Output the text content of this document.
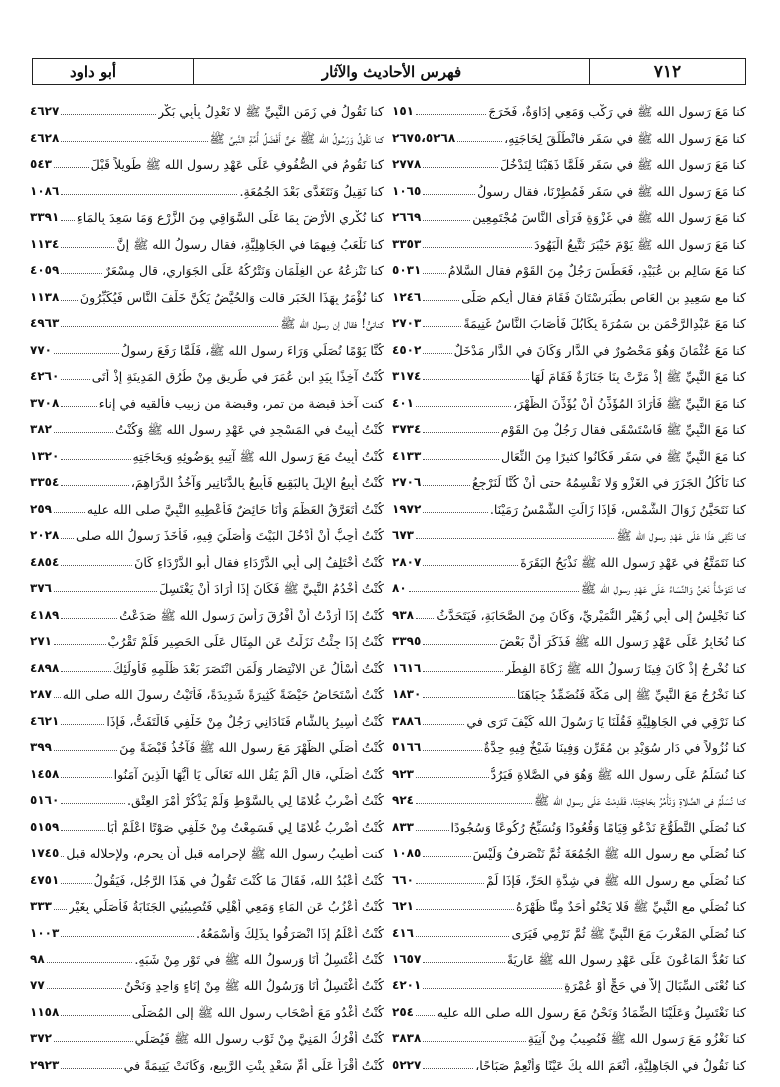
٧١٢
فهرس الأحاديث والآثار
أبو داود
كنا مَعَ رَسولِ الله ﷺ في رَكْبٍ وَمَعِي إِدَاوَةٌ، فَخَرَجَ
١٥١
كنا مَعَ رَسولِ الله ﷺ في سَفَرٍ فانْطَلَقَ لِحَاجَتِهِ،
٢٦٧٥،٥٢٦٨
كنا مَعَ رَسولِ الله ﷺ في سَفَرٍ فَلَمَّا ذَهَبْنَا لِنَدْخُلَ
٢٧٧٨
كنا مَعَ رَسولِ الله ﷺ في سَفَرٍ فَمُطِرْنَا، فقال رسولُ
١٠٦٥
كنا مَعَ رَسولِ الله ﷺ في غَزْوَةٍ فَرَأَى النَّاسَ مُجْتَمِعِين
٢٦٦٩
كنا مَعَ رَسولِ الله ﷺ يَوْمَ خَيْبَرَ نَتَّبِعُ الْيَهُودَ
٣٣٥٣
كنا مَعَ سَالِمِ بنِ عُبَيْدٍ، فَعَطَسَ رَجُلٌ مِنَ القَوْمِ فقال السَّلامُ
٥٠٣١
كنا مع سَعِيدِ بنِ العَاصِ بطَبَرِسْتَانَ فَقَامَ فقال أيكم صَلَّى
١٢٤٦
كنا مَعَ عَبْدِالرَّحْمَنِ بنِ سَمُرَةَ بِكَابُلَ فَأَصَابَ النَّاسُ غَنِيمَةً
٢٧٠٣
كنا مَعَ عُثْمَانَ وَهُوَ مَحْصُورٌ في الدَّارِ وَكَانَ في الدَّارِ مَدْخَلٌ
٤٥٠٢
كنا مَعَ النَّبِيِّ ﷺ إِذْ مَرَّتْ بِنَا جَنَازَةٌ فَقَامَ لَهَا
٣١٧٤
كنا مَعَ النَّبِيِّ ﷺ فَأَرَادَ المُؤَذِّنُ أَنْ يُؤَذِّنَ الظُّهْرَ،
٤٠١
كنا مَعَ النَّبِيِّ ﷺ فَاسْتَسْقَى فقال رَجُلٌ مِنَ القَوْمِ
٣٧٣٤
كنا مَعَ النَّبِيِّ ﷺ في سَفَرٍ فَكَانُوا كثيرًا مِنَ النِّعَالِ
٤١٣٣
كنا نَأْكُلُ الجَزَرَ في الغَزْوِ وَلا نَقْسِمُهُ حتى أَنْ كُنَّا لَنَرْجِعُ
٢٧٠٦
كنا نَتَحَيَّنُ زَوَالَ الشَّمْسِ، فَإِذَا زَالَتِ الشَّمْسُ رَمَيْنَا.
١٩٧٢
كنا نَتَّقِي هَذَا عَلَى عَهْدِ رسولِ الله ﷺ
٦٧٣
كنا نَتَمَتَّعُ في عَهْدِ رَسولِ الله ﷺ نَذْبَحُ البَقَرَةَ
٢٨٠٧
كنا نَتَوَضَّأُ نَحْنُ وَالنِّسَاءُ عَلَى عَهْدِ رسولِ الله ﷺ
٨٠
كنا نَجْلِسُ إِلى أَبِي زُهَيْرٍ النُّمَيْرِيِّ، وَكَانَ مِنَ الصَّحَابَةِ، فَيَتَحَدَّثُ
٩٣٨
كنا نُخَابِرُ عَلَى عَهْدِ رَسولِ الله ﷺ فَذَكَرَ أَنَّ بَعْضَ
٣٣٩٥
كنا نُخْرِجُ إِذْ كَانَ فِينَا رَسولُ الله ﷺ زَكَاةَ الفِطْرِ
١٦١٦
كنا نَخْرُجُ مَعَ النَّبِيِّ ﷺ إِلى مَكَّةَ فَنُضَمِّدُ جِبَاهَنَا
١٨٣٠
كنا نَرْقِي في الجَاهِلِيَّةِ فَقُلْنَا يَا رَسُولَ الله كَيْفَ تَرَى في
٣٨٨٦
كنا نُزُولاً في دَارِ سُوَيْدِ بنِ مُقَرِّنٍ وَفِينَا شَيْخٌ فِيهِ حِدَّةٌ
٥١٦٦
كنا نُسَلِّمُ عَلَى رسولِ الله ﷺ وَهُوَ في الصَّلاةِ فَيَرُدُّ
٩٢٣
كنا نُسَلِّمُ في الصَّلاةِ وَنَأْمُرُ بِحَاجَتِنَا، فَقَدِمْتُ عَلَى رسولِ الله ﷺ
٩٢٤
كنا نُصَلِّي التَّطَوُّعَ نَدْعُو قِيَامًا وَقُعُودًا وَنُسَبِّحُ رُكُوعًا وَسُجُودًا
٨٣٣
كنا نُصَلِّي مع رسولِ الله ﷺ الجُمُعَةَ ثُمَّ نَنْصَرِفُ وَلَيْسَ
١٠٨٥
كنا نُصَلِّي مع رسولِ الله ﷺ في شِدَّةِ الحَرِّ، فَإِذَا لَمْ
٦٦٠
كنا نُصَلِّي مع النَّبِيِّ ﷺ فَلا يَحْنُو أَحَدٌ مِنَّا ظَهْرَهُ
٦٢١
كنا نُصَلِّي المَغْرِبَ مَعَ النَّبِيِّ ﷺ ثُمَّ نَرْمِي فَيَرَى
٤١٦
كنا نَعُدُّ المَاعُونَ عَلَى عَهْدِ رسولِ الله ﷺ عَارِيَةً
١٦٥٧
كنا نُعْنَى السِّبَالَ إِلاَّ في حَجٍّ أَوْ عُمْرَةٍ
٤٢٠١
كنا نَغْتَسِلُ وَعَلَيْنَا الضِّمَادُ وَنَحْنُ مَعَ رسولِ الله صلى الله عليه
٢٥٤
كنا نَغْزُو مَعَ رَسولِ الله ﷺ فَنُصِيبُ مِنْ آنِيَةِ
٣٨٣٨
كنا نَقُولُ في الجَاهِلِيَّةِ، أَنْعَمَ الله بِكَ عَيْنًا وَأَنْعِمْ صَبَاحًا،
٥٢٢٧
كنا نَقُولُ في زَمَنِ النَّبِيِّ ﷺ لا نَعْدِلُ بِأَبِي بَكْرٍ
٤٦٢٧
كنا نَقُولُ وَرَسُولُ الله ﷺ حَيٌّ أَفْضَلُ أُمَّةِ النَّبِيِّ ﷺ
٤٦٢٨
كنا نَقُومُ في الصُّفُوفِ عَلَى عَهْدِ رسولِ الله ﷺ طَوِيلاً قَبْلَ
٥٤٣
كنا نَقِيلُ وَنَتَغَدَّى بَعْدَ الجُمُعَةِ.
١٠٨٦
كنا نُكْرِي الأَرْضَ بِمَا عَلَى السَّوَاقِي مِنَ الزَّرْعِ وَمَا سَعِدَ بِالمَاءِ
٣٣٩١
كنا نَلْعَبُ فِيهِمَا في الجَاهِلِيَّةِ، فقال رسولُ الله ﷺ إِنَّ
١١٣٤
كنا نَنْزِعُهُ عن الغِلْمَانِ وَنَتْرُكُهُ عَلَى الجَوَارِي، قال مِسْعَرٌ
٤٠٥٩
كنا نُؤْمَرُ بِهَذَا الخَبَرِ قالت وَالحُيَّضُ يَكُنَّ خَلْفَ النَّاسِ فَيُكَبِّرُونَ
١١٣٨
كنانيُّ! فقال إن رسول الله ﷺ
٤٩٦٣
كُنَّا يَوْمًا نُصَلِّي وَرَاءَ رسولِ الله ﷺ، فَلَمَّا رَفَعَ رسولُ
٧٧٠
كُنْتُ آخِذًا بِيَدِ ابنِ عُمَرَ في طَرِيقٍ مِنْ طُرُقِ المَدِينَةِ إِذْ أَتَى
٤٢٦٠
كنت آخذ قبضة من تمر، وقبضة من زبيب فألقيه في إناء
٣٧٠٨
كُنْتُ أَبِيتُ في المَسْجِدِ في عَهْدِ رسولِ الله ﷺ وَكُنْتُ
٣٨٢
كُنْتُ أَبِيتُ مَعَ رَسولِ الله ﷺ آتِيهِ بِوَضُوئِهِ وَبِحَاجَتِهِ
١٣٢٠
كُنْتُ أَبِيعُ الإِبِلَ بِالبَقِيعِ فَأَبِيعُ بِالدَّنَانِيرِ وَآخُذُ الدَّرَاهِمَ،
٣٣٥٤
كُنْتُ أَتَعَرَّقُ العَظْمَ وَأَنَا حَائِضٌ فَأُعْطِيهِ النَّبِيَّ صلى الله عليه
٢٥٩
كُنْتُ أُحِبُّ أَنْ أَدْخُلَ البَيْتَ وَأُصَلِّيَ فِيهِ، فَأَخَذَ رَسولُ الله صلى
٢٠٢٨
كُنْتُ أَخْتَلِفُ إِلى أَبِي الدَّرْدَاءِ فقال أبو الدَّرْدَاءِ كَانَ
٤٨٥٤
كُنْتُ أَخْدُمُ النَّبِيَّ ﷺ فَكَانَ إِذَا أَرَادَ أَنْ يَغْتَسِلَ
٣٧٦
كُنْتُ إِذَا أَرَدْتُ أَنْ أَفْرُقَ رَأْسَ رَسولِ الله ﷺ صَدَعْتُ
٤١٨٩
كُنْتُ إِذَا جِئْتُ نَزَلْتُ عَنِ المِثَالِ عَلَى الحَصِيرِ فَلَمْ تَقْرُبْ
٢٧١
كُنْتُ أَسْأَلُ عَنِ الانْتِصَارِ وَلَمَنِ انْتَصَرَ بَعْدَ ظُلْمِهِ فَأُولَئِكَ
٤٨٩٨
كُنْتُ أَسْتَحَاضُ حَيْضَةً كَثِيرَةً شَدِيدَةً، فَأَتَيْتُ رسولَ الله صلى الله
٢٨٧
كُنْتُ أَسِيرُ بِالشَّامِ فَنَادَانِي رَجُلٌ مِنْ خَلْفِي فَالْتَفَتُّ، فَإِذَا
٤٦٢١
كُنْتُ أُصَلِّي الظُّهْرَ مَعَ رسولِ الله ﷺ فَآخُذُ قَبْضَةً مِنَ
٣٩٩
كُنْتُ أُصَلِّي، قال أَلَمْ يَقُلِ الله تَعَالَى يَا أَيُّهَا الَّذِينَ آمَنُوا
١٤٥٨
كُنْتُ أَضْرِبُ غُلامًا لِي بِالسَّوْطِ وَلَمْ يَذْكُرْ أَمْرَ العِتْقِ.
٥١٦٠
كُنْتُ أَضْرِبُ غُلامًا لِي فَسَمِعْتُ مِنْ خَلْفِي صَوْتًا اعْلَمْ أَبَا
٥١٥٩
كنت أطيبُ رسول الله ﷺ لإحرامه قبل أن يحرم، ولإحلاله قبل
١٧٤٥
كُنْتُ أَعْبُدُ الله، فَقَالَ مَا كُنْتَ تَقُولُ في هَذَا الرَّجُلِ، فَيَقُولُ
٤٧٥١
كُنْتُ أَعْزُبُ عَنِ المَاءِ وَمَعِي أَهْلِي فَتُصِيبُنِي الجَنَابَةُ فَأُصَلِّي بِغَيْرِ
٣٣٣
كُنْتُ أَعْلَمُ إِذَا انْصَرَفُوا بِذَلِكَ وَأَسْمَعُهُ.
١٠٠٣
كُنْتُ أَغْتَسِلُ أَنَا وَرسولُ الله ﷺ في تَوْرٍ مِنْ شَبَهٍ.
٩٨
كُنْتُ أَغْتَسِلُ أَنَا وَرَسُولُ الله ﷺ مِنْ إِنَاءٍ وَاحِدٍ وَنَحْنُ
٧٧
كُنْتُ أَغْدُو مَعَ أَصْحَابِ رسولِ الله ﷺ إِلى المُصَلَّى
١١٥٨
كُنْتُ أَفْرُكُ المَنِيَّ مِنْ ثَوْبِ رسولِ الله ﷺ فَيُصَلِّي
٣٧٢
كُنْتُ أَقْرَأُ عَلَى أُمِّ سَعْدٍ بِنْتِ الرَّبِيعِ، وَكَانَتْ يَتِيمَةً في
٢٩٢٣
